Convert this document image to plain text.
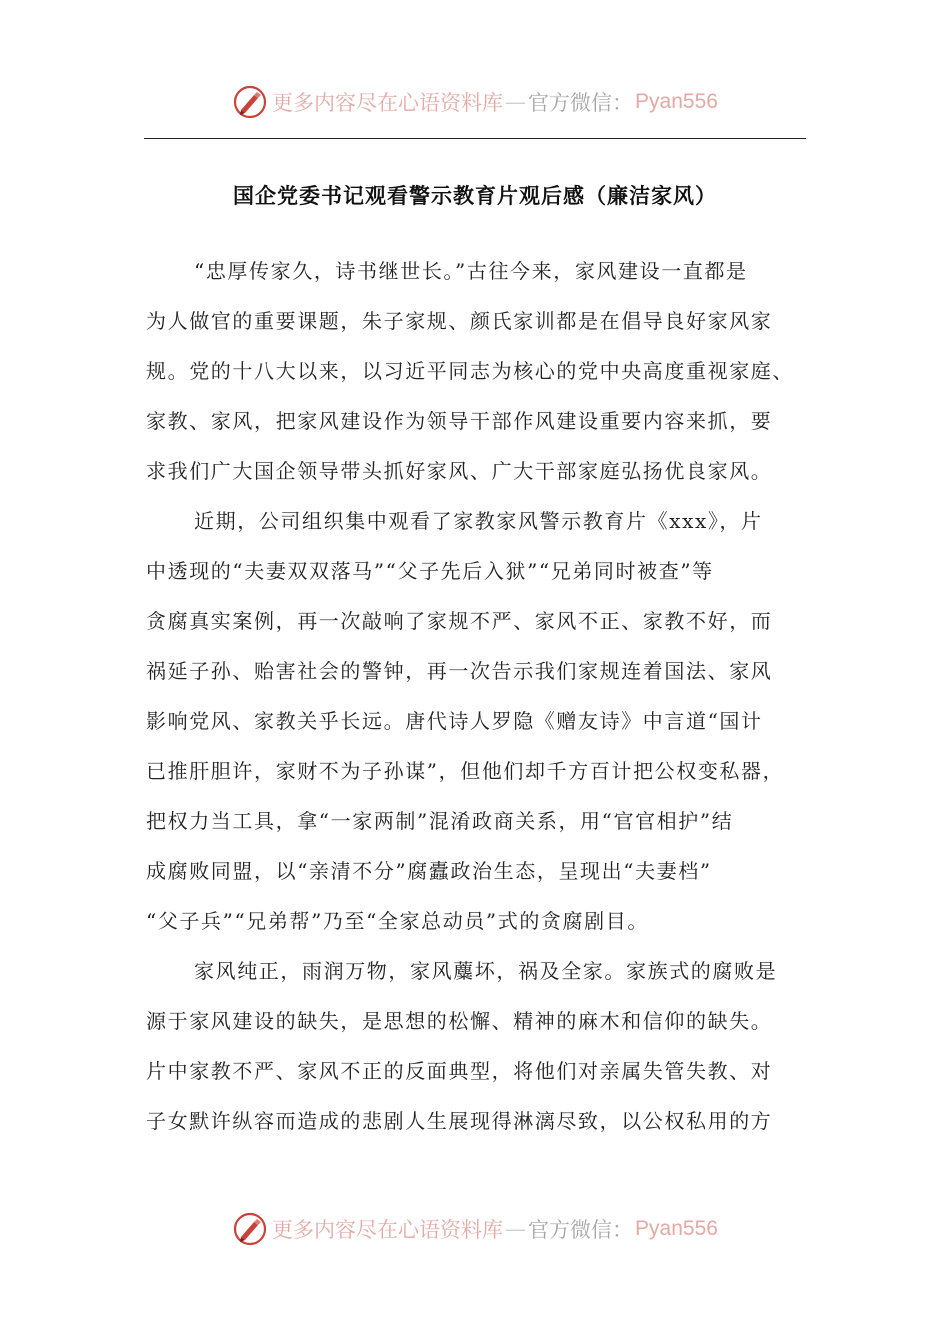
更多内容尽在心语资料库 — 官方微信： Pyan556
国企党委书记观看警示教育片观后感（廉洁家风）
“忠厚传家久，诗书继世长。”古往今来，家风建设一直都是
为人做官的重要课题，朱子家规、颜氏家训都是在倡导良好家风家
规。党的十八大以来，以习近平同志为核心的党中央高度重视家庭、
家教、家风，把家风建设作为领导干部作风建设重要内容来抓，要
求我们广大国企领导带头抓好家风、广大干部家庭弘扬优良家风。
近期，公司组织集中观看了家教家风警示教育片《xxx》，片
中透现的“夫妻双双落马”“父子先后入狱”“兄弟同时被查”等
贪腐真实案例，再一次敲响了家规不严、家风不正、家教不好，而
祸延子孙、贻害社会的警钟，再一次告示我们家规连着国法、家风
影响党风、家教关乎长远。唐代诗人罗隐《赠友诗》中言道“国计
已推肝胆许，家财不为子孙谋”，但他们却千方百计把公权变私器，
把权力当工具，拿“一家两制”混淆政商关系，用“官官相护”结
成腐败同盟，以“亲清不分”腐蠹政治生态，呈现出“夫妻档”
“父子兵”“兄弟帮”乃至“全家总动员”式的贪腐剧目。
家风纯正，雨润万物，家风蘪坏，祸及全家。家族式的腐败是
源于家风建设的缺失，是思想的松懈、精神的麻木和信仰的缺失。
片中家教不严、家风不正的反面典型，将他们对亲属失管失教、对
子女默许纵容而造成的悲剧人生展现得淋漓尽致，以公权私用的方
更多内容尽在心语资料库 — 官方微信： Pyan556
